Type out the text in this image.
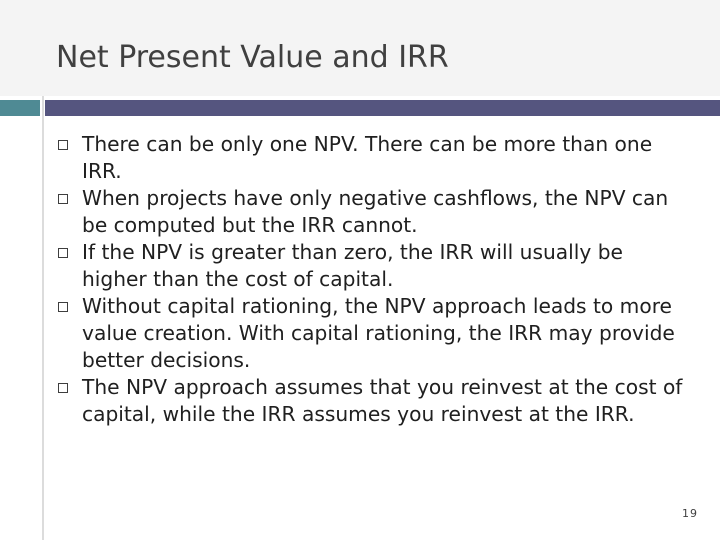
Net Present Value and IRR
There can be only one NPV. There can be more than one IRR.
When projects have only negative cashflows, the NPV can be computed but the IRR cannot.
If the NPV is greater than zero, the IRR will usually be higher than the cost of capital.
Without capital rationing, the NPV approach leads to more value creation. With capital rationing, the IRR may provide better decisions.
The NPV approach assumes that you reinvest at the cost of capital, while the IRR assumes you reinvest at the IRR.
19
